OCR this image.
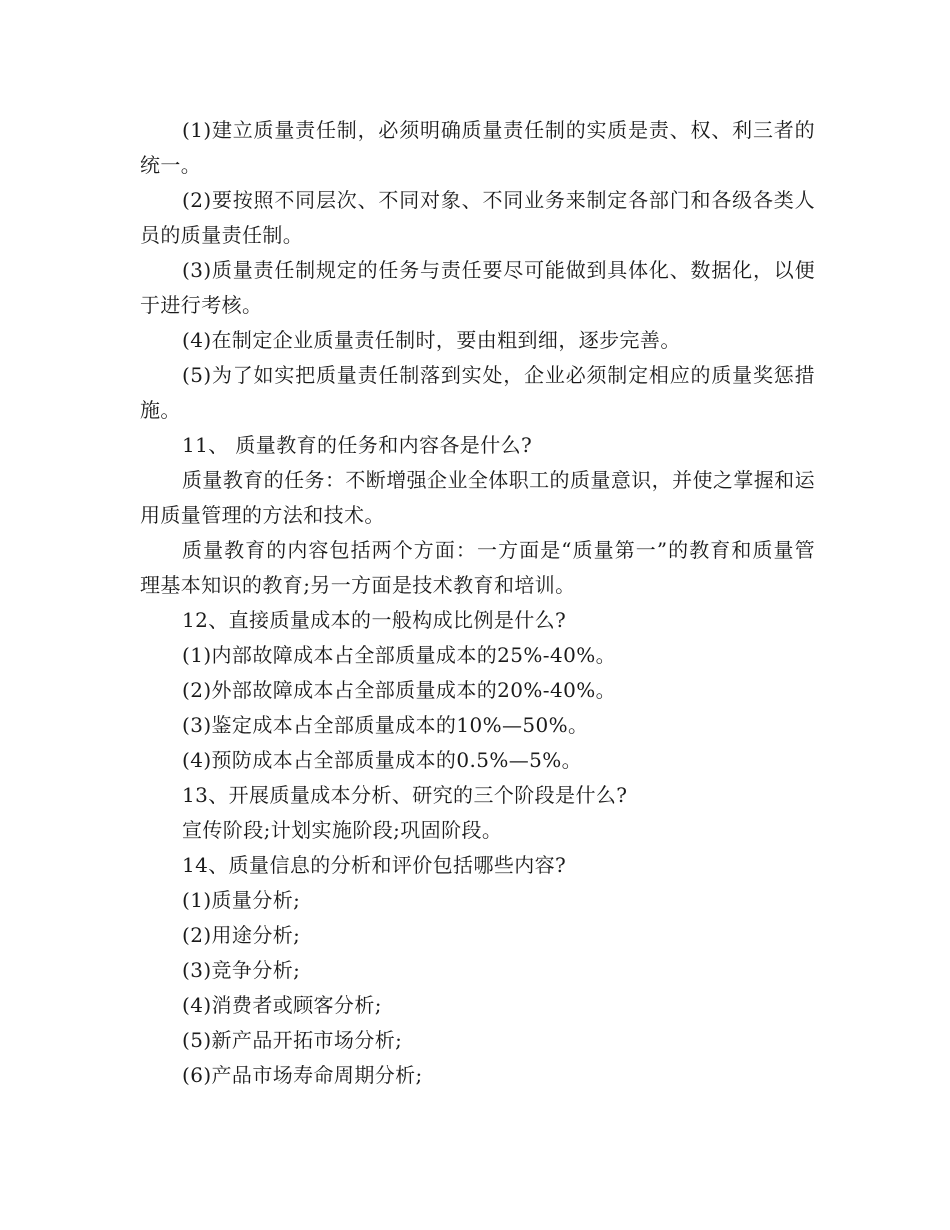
(1)建立质量责任制，必须明确质量责任制的实质是责、权、利三者的统一。

(2)要按照不同层次、不同对象、不同业务来制定各部门和各级各类人员的质量责任制。

(3)质量责任制规定的任务与责任要尽可能做到具体化、数据化，以便于进行考核。

(4)在制定企业质量责任制时，要由粗到细，逐步完善。

(5)为了如实把质量责任制落到实处，企业必须制定相应的质量奖惩措施。

11、 质量教育的任务和内容各是什么?

质量教育的任务：不断增强企业全体职工的质量意识，并使之掌握和运用质量管理的方法和技术。

质量教育的内容包括两个方面：一方面是“质量第一”的教育和质量管理基本知识的教育;另一方面是技术教育和培训。

12、直接质量成本的一般构成比例是什么?

(1)内部故障成本占全部质量成本的25%-40%。

(2)外部故障成本占全部质量成本的20%-40%。

(3)鉴定成本占全部质量成本的10%—50%。

(4)预防成本占全部质量成本的0.5%—5%。

13、开展质量成本分析、研究的三个阶段是什么?

宣传阶段;计划实施阶段;巩固阶段。

14、质量信息的分析和评价包括哪些内容?

(1)质量分析;

(2)用途分析;

(3)竞争分析;

(4)消费者或顾客分析;

(5)新产品开拓市场分析;

(6)产品市场寿命周期分析;
